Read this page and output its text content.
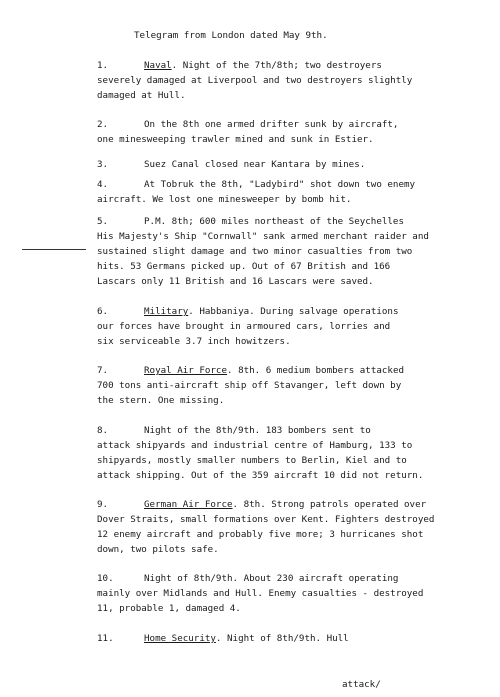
Telegram from London dated May 9th.
1.	Naval. Night of the 7th/8th; two destroyers
severely damaged at Liverpool and two destroyers slightly
damaged at Hull.
2.	On the 8th one armed drifter sunk by aircraft,
one minesweeping trawler mined and sunk in Estier.
3.	Suez Canal closed near Kantara by mines.
4.	At Tobruk the 8th, "Ladybird" shot down two enemy
aircraft. We lost one minesweeper by bomb hit.
5.	P.M. 8th; 600 miles northeast of the Seychelles
His Majesty's Ship "Cornwall" sank armed merchant raider and
sustained slight damage and two minor casualties from two
hits. 53 Germans picked up. Out of 67 British and 166
Lascars only 11 British and 16 Lascars were saved.
6.	Military. Habbaniya. During salvage operations
our forces have brought in armoured cars, lorries and
six serviceable 3.7 inch howitzers.
7.	Royal Air Force. 8th. 6 medium bombers attacked
700 tons anti-aircraft ship off Stavanger, left down by
the stern. One missing.
8.	Night of the 8th/9th. 183 bombers sent to
attack shipyards and industrial centre of Hamburg, 133 to
shipyards, mostly smaller numbers to Berlin, Kiel and to
attack shipping. Out of the 359 aircraft 10 did not return.
9.	German Air Force. 8th. Strong patrols operated over
Dover Straits, small formations over Kent. Fighters destroyed
12 enemy aircraft and probably five more; 3 hurricanes shot
down, two pilots safe.
10.	Night of 8th/9th. About 230 aircraft operating
mainly over Midlands and Hull. Enemy casualties - destroyed
11, probable 1, damaged 4.
11.	Home Security. Night of 8th/9th. Hull
attack/
